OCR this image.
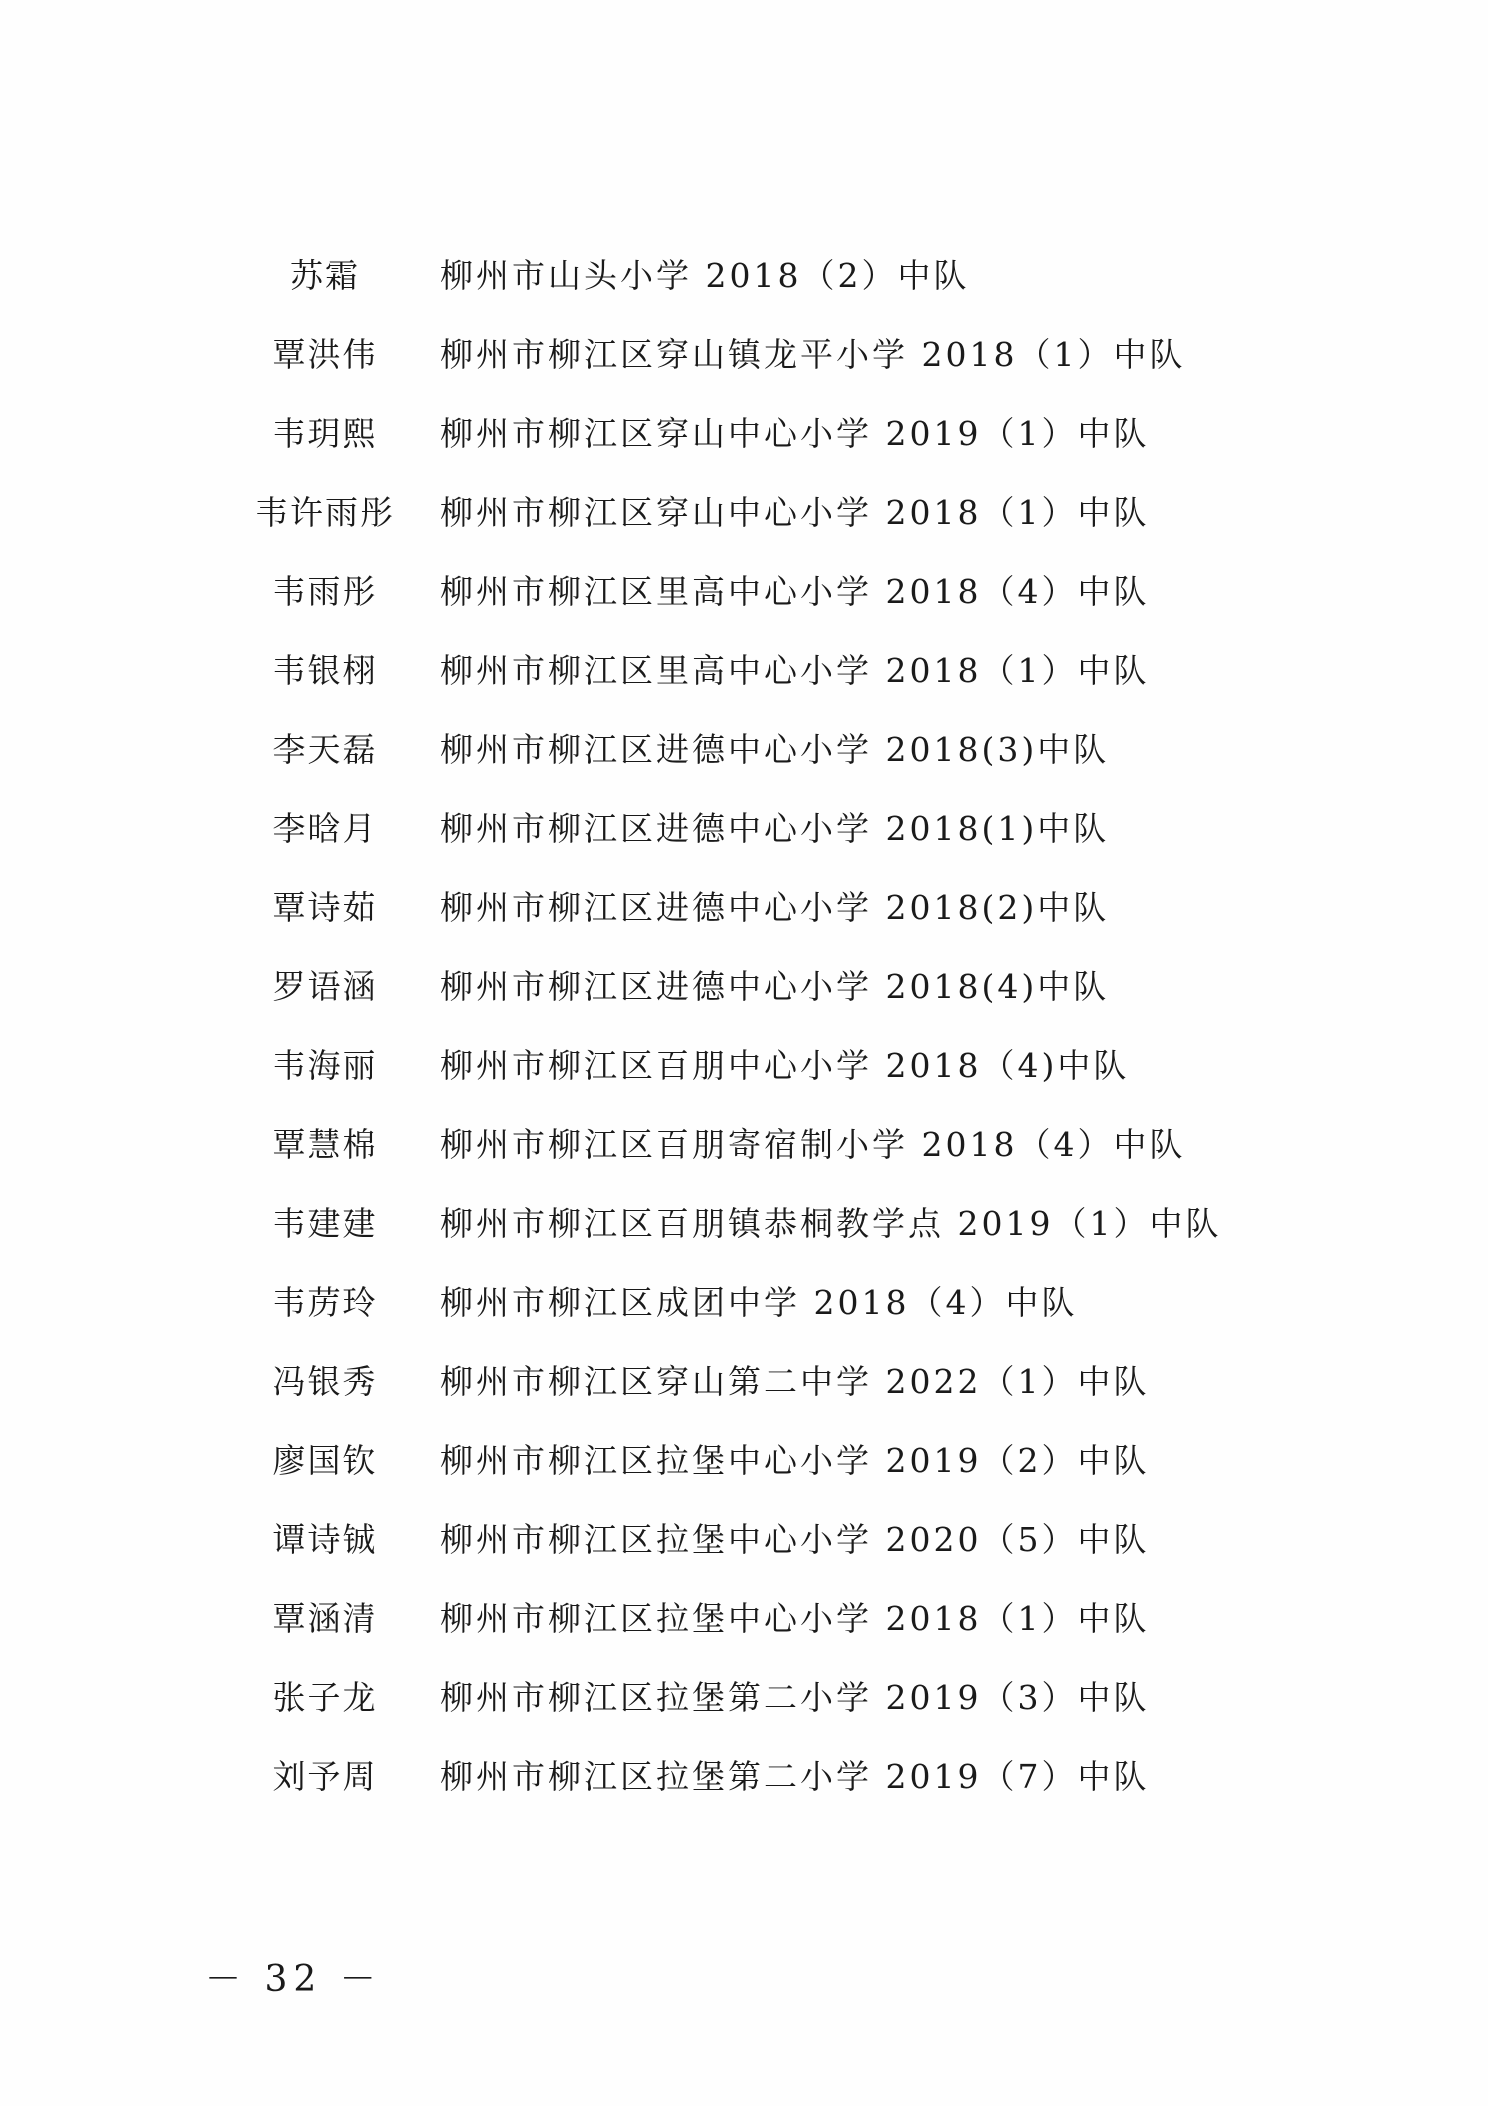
苏霜	柳州市山头小学 2018（2）中队
覃洪伟	柳州市柳江区穿山镇龙平小学 2018（1）中队
韦玥熙	柳州市柳江区穿山中心小学 2019（1）中队
韦许雨彤 柳州市柳江区穿山中心小学 2018（1）中队
韦雨彤	柳州市柳江区里高中心小学 2018（4）中队
韦银栩	柳州市柳江区里高中心小学 2018（1）中队
李天磊	柳州市柳江区进德中心小学 2018(3)中队
李晗月	柳州市柳江区进德中心小学 2018(1)中队
覃诗茹	柳州市柳江区进德中心小学 2018(2)中队
罗语涵	柳州市柳江区进德中心小学 2018(4)中队
韦海丽	柳州市柳江区百朋中心小学 2018（4)中队
覃慧棉	柳州市柳江区百朋寄宿制小学 2018（4）中队
韦建建	柳州市柳江区百朋镇恭桐教学点 2019（1）中队
韦苈玲	柳州市柳江区成团中学 2018（4）中队
冯银秀	柳州市柳江区穿山第二中学 2022（1）中队
廖国钦	柳州市柳江区拉堡中心小学 2019（2）中队
谭诗铖	柳州市柳江区拉堡中心小学 2020（5）中队
覃涵清	柳州市柳江区拉堡中心小学 2018（1）中队
张子龙	柳州市柳江区拉堡第二小学 2019（3）中队
刘予周	柳州市柳江区拉堡第二小学 2019（7）中队
－ 32 －
